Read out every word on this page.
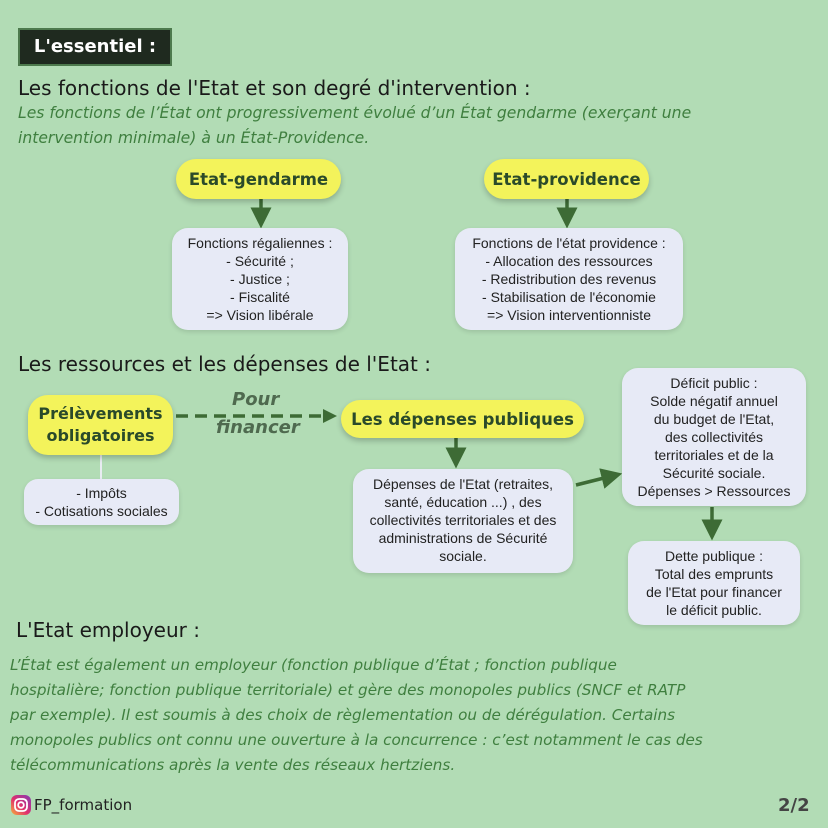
L'essentiel :
Les fonctions de l'Etat et son degré d'intervention :
Les fonctions de l’État ont progressivement évolué d’un État gendarme (exerçant une
intervention minimale) à un État-Providence.
Etat-gendarme
Fonctions régaliennes :
- Sécurité ;
- Justice ;
- Fiscalité
=> Vision libérale
Etat-providence
Fonctions de l'état providence :
- Allocation des ressources
- Redistribution des revenus
- Stabilisation de l'économie
=> Vision interventionniste
Les ressources et les dépenses de l'Etat :
Prélèvements
obligatoires
- Impôts
- Cotisations sociales
Pour
financer	Les dépenses publiques
Dépenses de l'Etat (retraites,
santé, éducation ...) , des
collectivités territoriales et des
administrations de Sécurité
sociale.
Déficit public :
Solde négatif annuel
du budget de l'Etat,
des collectivités
territoriales et de la
Sécurité sociale.
Dépenses > Ressources
Dette publique :
Total des emprunts
de l'Etat pour financer
le déficit public.
L'Etat employeur :
L’État est également un employeur (fonction publique d’État ; fonction publique
hospitalière; fonction publique territoriale) et gère des monopoles publics (SNCF et RATP
par exemple). Il est soumis à des choix de règlementation ou de dérégulation. Certains
monopoles publics ont connu une ouverture à la concurrence : c’est notamment le cas des
télécommunications après la vente des réseaux hertziens.
FP_formation	2/2
